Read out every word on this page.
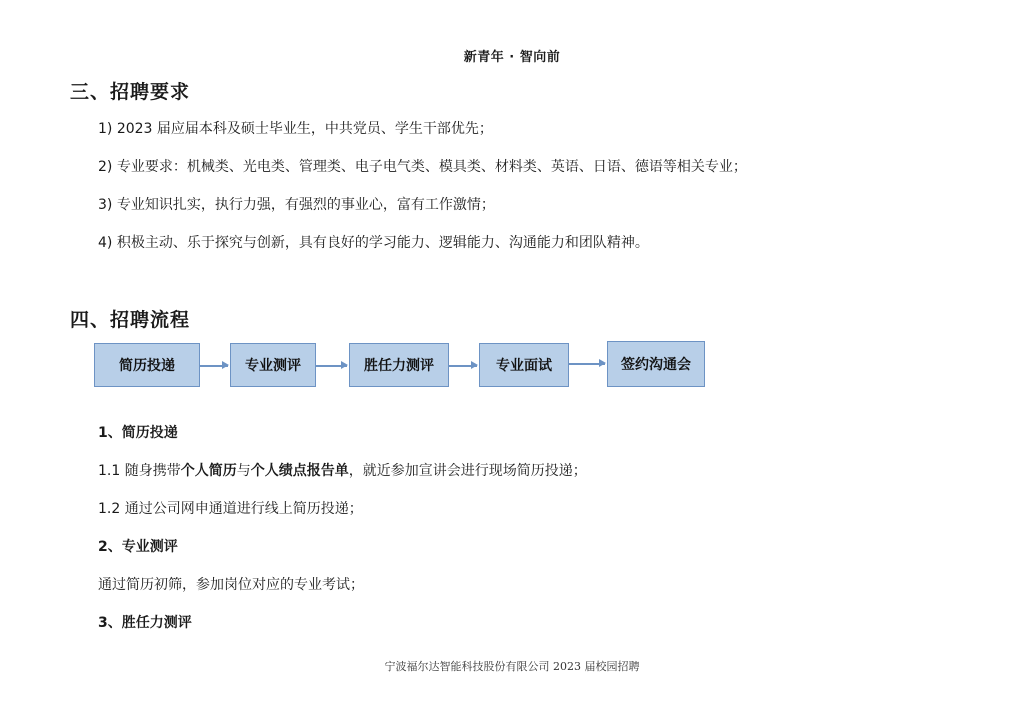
新青年 · 智向前
三、招聘要求
1) 2023 届应届本科及硕士毕业生，中共党员、学生干部优先；
2) 专业要求：机械类、光电类、管理类、电子电气类、模具类、材料类、英语、日语、德语等相关专业；
3) 专业知识扎实，执行力强，有强烈的事业心，富有工作激情；
4) 积极主动、乐于探究与创新，具有良好的学习能力、逻辑能力、沟通能力和团队精神。
四、招聘流程
简历投递	专业测评	胜任力测评	专业面试	签约沟通会
1、简历投递
1.1 随身携带个人简历与个人绩点报告单，就近参加宣讲会进行现场简历投递；
1.2 通过公司网申通道进行线上简历投递；
2、专业测评
通过简历初筛，参加岗位对应的专业考试；
3、胜任力测评
宁波福尔达智能科技股份有限公司 2023 届校园招聘
